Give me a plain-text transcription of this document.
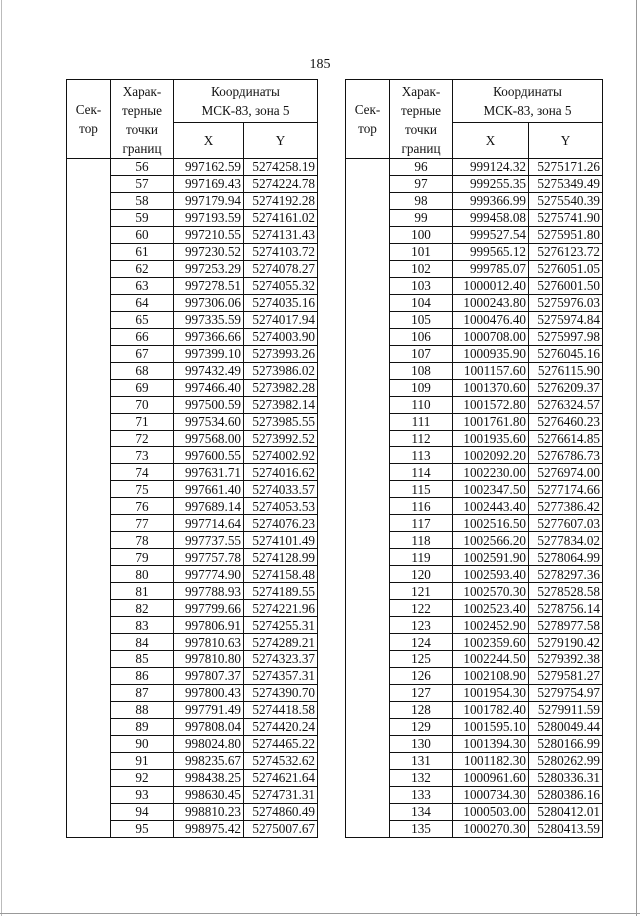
185
Сек-
тор	Харак-
терные
точки
границ	Координаты
МСК-83, зона 5	
		X	Y
	56	997162.59	5274258.19
	57	997169.43	5274224.78
	58	997179.94	5274192.28
	59	997193.59	5274161.02
	60	997210.55	5274131.43
	61	997230.52	5274103.72
	62	997253.29	5274078.27
	63	997278.51	5274055.32
	64	997306.06	5274035.16
	65	997335.59	5274017.94
	66	997366.66	5274003.90
	67	997399.10	5273993.26
	68	997432.49	5273986.02
	69	997466.40	5273982.28
	70	997500.59	5273982.14
	71	997534.60	5273985.55
	72	997568.00	5273992.52
	73	997600.55	5274002.92
	74	997631.71	5274016.62
	75	997661.40	5274033.57
	76	997689.14	5274053.53
	77	997714.64	5274076.23
	78	997737.55	5274101.49
	79	997757.78	5274128.99
	80	997774.90	5274158.48
	81	997788.93	5274189.55
	82	997799.66	5274221.96
	83	997806.91	5274255.31
	84	997810.63	5274289.21
	85	997810.80	5274323.37
	86	997807.37	5274357.31
	87	997800.43	5274390.70
	88	997791.49	5274418.58
	89	997808.04	5274420.24
	90	998024.80	5274465.22
	91	998235.67	5274532.62
	92	998438.25	5274621.64
	93	998630.45	5274731.31
	94	998810.23	5274860.49
	95	998975.42	5275007.67
Сек-
тор	Харак-
терные
точки
границ	Координаты
МСК-83, зона 5	
		X	Y
	96	999124.32	5275171.26
	97	999255.35	5275349.49
	98	999366.99	5275540.39
	99	999458.08	5275741.90
	100	999527.54	5275951.80
	101	999565.12	5276123.72
	102	999785.07	5276051.05
	103	1000012.40	5276001.50
	104	1000243.80	5275976.03
	105	1000476.40	5275974.84
	106	1000708.00	5275997.98
	107	1000935.90	5276045.16
	108	1001157.60	5276115.90
	109	1001370.60	5276209.37
	110	1001572.80	5276324.57
	111	1001761.80	5276460.23
	112	1001935.60	5276614.85
	113	1002092.20	5276786.73
	114	1002230.00	5276974.00
	115	1002347.50	5277174.66
	116	1002443.40	5277386.42
	117	1002516.50	5277607.03
	118	1002566.20	5277834.02
	119	1002591.90	5278064.99
	120	1002593.40	5278297.36
	121	1002570.30	5278528.58
	122	1002523.40	5278756.14
	123	1002452.90	5278977.58
	124	1002359.60	5279190.42
	125	1002244.50	5279392.38
	126	1002108.90	5279581.27
	127	1001954.30	5279754.97
	128	1001782.40	5279911.59
	129	1001595.10	5280049.44
	130	1001394.30	5280166.99
	131	1001182.30	5280262.99
	132	1000961.60	5280336.31
	133	1000734.30	5280386.16
	134	1000503.00	5280412.01
	135	1000270.30	5280413.59
